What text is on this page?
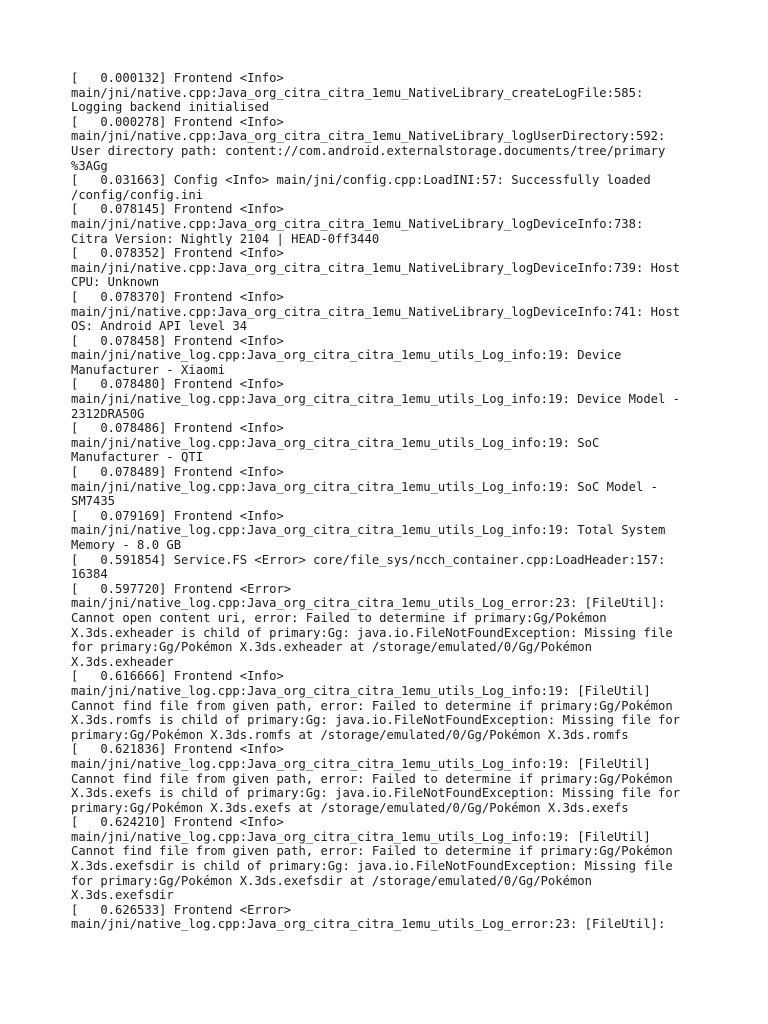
[   0.000132] Frontend <Info>
main/jni/native.cpp:Java_org_citra_citra_1emu_NativeLibrary_createLogFile:585:
Logging backend initialised
[   0.000278] Frontend <Info>
main/jni/native.cpp:Java_org_citra_citra_1emu_NativeLibrary_logUserDirectory:592:
User directory path: content://com.android.externalstorage.documents/tree/primary
%3AGg
[   0.031663] Config <Info> main/jni/config.cpp:LoadINI:57: Successfully loaded
/config/config.ini
[   0.078145] Frontend <Info>
main/jni/native.cpp:Java_org_citra_citra_1emu_NativeLibrary_logDeviceInfo:738:
Citra Version: Nightly 2104 | HEAD-0ff3440
[   0.078352] Frontend <Info>
main/jni/native.cpp:Java_org_citra_citra_1emu_NativeLibrary_logDeviceInfo:739: Host
CPU: Unknown
[   0.078370] Frontend <Info>
main/jni/native.cpp:Java_org_citra_citra_1emu_NativeLibrary_logDeviceInfo:741: Host
OS: Android API level 34
[   0.078458] Frontend <Info>
main/jni/native_log.cpp:Java_org_citra_citra_1emu_utils_Log_info:19: Device
Manufacturer - Xiaomi
[   0.078480] Frontend <Info>
main/jni/native_log.cpp:Java_org_citra_citra_1emu_utils_Log_info:19: Device Model -
2312DRA50G
[   0.078486] Frontend <Info>
main/jni/native_log.cpp:Java_org_citra_citra_1emu_utils_Log_info:19: SoC
Manufacturer - QTI
[   0.078489] Frontend <Info>
main/jni/native_log.cpp:Java_org_citra_citra_1emu_utils_Log_info:19: SoC Model -
SM7435
[   0.079169] Frontend <Info>
main/jni/native_log.cpp:Java_org_citra_citra_1emu_utils_Log_info:19: Total System
Memory - 8.0 GB
[   0.591854] Service.FS <Error> core/file_sys/ncch_container.cpp:LoadHeader:157:
16384
[   0.597720] Frontend <Error>
main/jni/native_log.cpp:Java_org_citra_citra_1emu_utils_Log_error:23: [FileUtil]:
Cannot open content uri, error: Failed to determine if primary:Gg/Pokémon
X.3ds.exheader is child of primary:Gg: java.io.FileNotFoundException: Missing file
for primary:Gg/Pokémon X.3ds.exheader at /storage/emulated/0/Gg/Pokémon
X.3ds.exheader
[   0.616666] Frontend <Info>
main/jni/native_log.cpp:Java_org_citra_citra_1emu_utils_Log_info:19: [FileUtil]
Cannot find file from given path, error: Failed to determine if primary:Gg/Pokémon
X.3ds.romfs is child of primary:Gg: java.io.FileNotFoundException: Missing file for
primary:Gg/Pokémon X.3ds.romfs at /storage/emulated/0/Gg/Pokémon X.3ds.romfs
[   0.621836] Frontend <Info>
main/jni/native_log.cpp:Java_org_citra_citra_1emu_utils_Log_info:19: [FileUtil]
Cannot find file from given path, error: Failed to determine if primary:Gg/Pokémon
X.3ds.exefs is child of primary:Gg: java.io.FileNotFoundException: Missing file for
primary:Gg/Pokémon X.3ds.exefs at /storage/emulated/0/Gg/Pokémon X.3ds.exefs
[   0.624210] Frontend <Info>
main/jni/native_log.cpp:Java_org_citra_citra_1emu_utils_Log_info:19: [FileUtil]
Cannot find file from given path, error: Failed to determine if primary:Gg/Pokémon
X.3ds.exefsdir is child of primary:Gg: java.io.FileNotFoundException: Missing file
for primary:Gg/Pokémon X.3ds.exefsdir at /storage/emulated/0/Gg/Pokémon
X.3ds.exefsdir
[   0.626533] Frontend <Error>
main/jni/native_log.cpp:Java_org_citra_citra_1emu_utils_Log_error:23: [FileUtil]:
